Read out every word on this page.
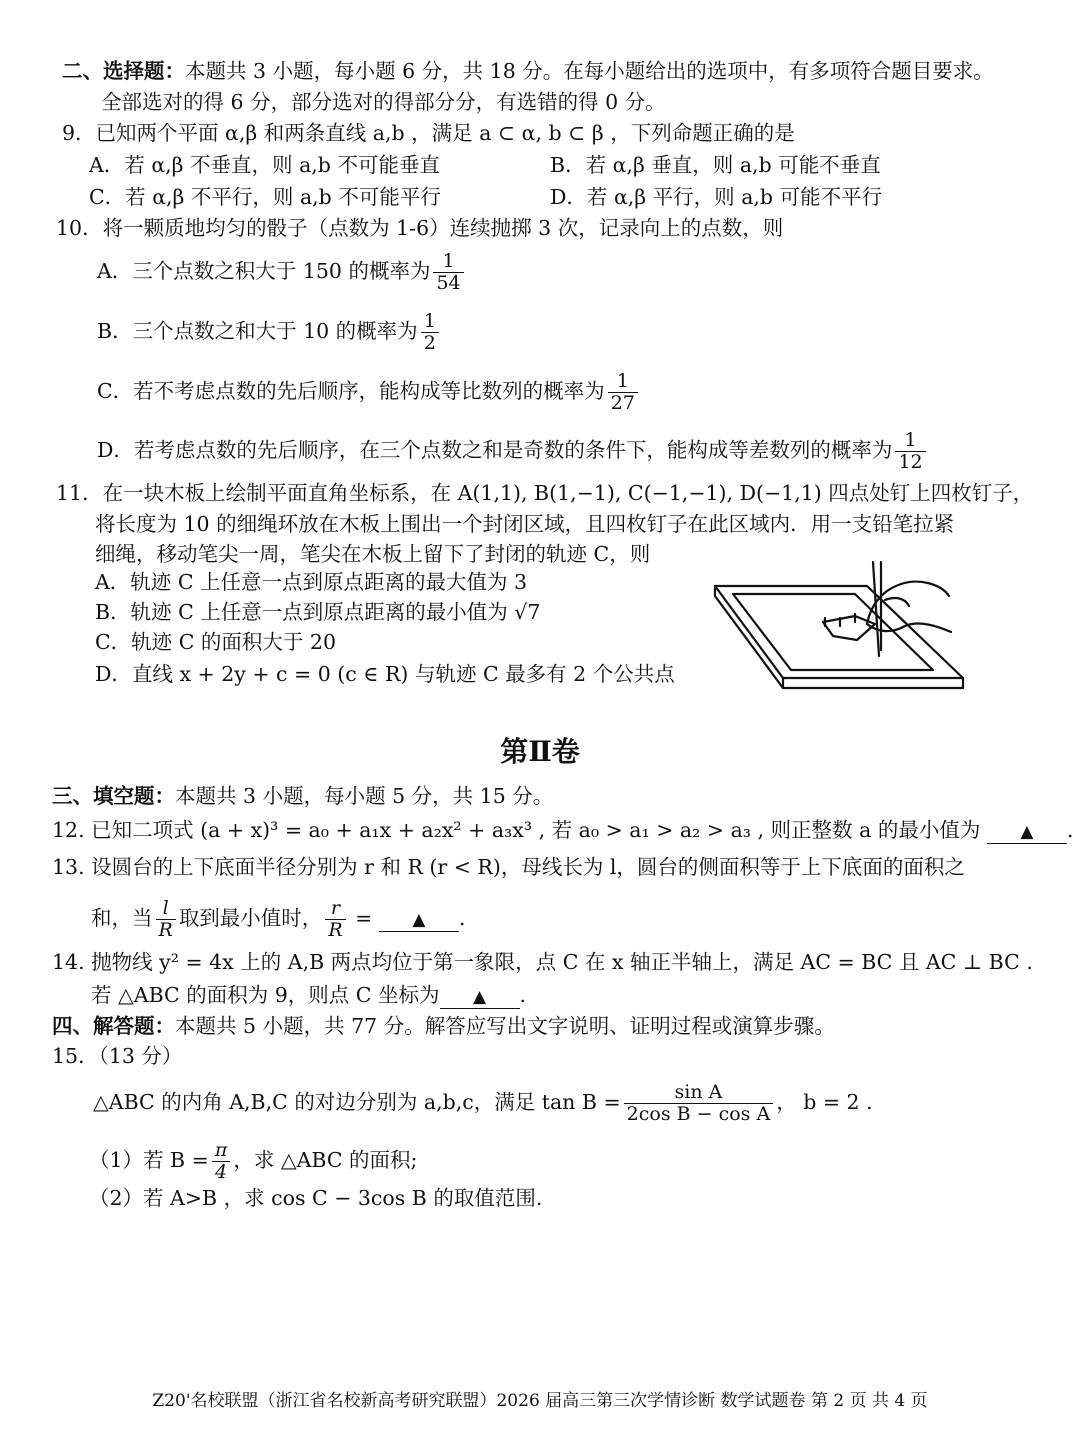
二、选择题：本题共 3 小题，每小题 6 分，共 18 分。在每小题给出的选项中，有多项符合题目要求。
全部选对的得 6 分，部分选对的得部分分，有选错的得 0 分。
9．已知两个平面 α,β 和两条直线 a,b ，满足 a ⊂ α, b ⊂ β ，下列命题正确的是
A．若 α,β 不垂直，则 a,b 不可能垂直	B．若 α,β 垂直，则 a,b 可能不垂直
C．若 α,β 不平行，则 a,b 不可能平行	D．若 α,β 平行，则 a,b 可能不平行
10．将一颗质地均匀的骰子（点数为 1-6）连续抛掷 3 次，记录向上的点数，则
A．三个点数之积大于 150 的概率为 $\frac{1}{54}$
B．三个点数之和大于 10 的概率为 $\frac{1}{2}$
C．若不考虑点数的先后顺序，能构成等比数列的概率为 $\frac{1}{27}$
D．若考虑点数的先后顺序，在三个点数之和是奇数的条件下，能构成等差数列的概率为 $\frac{1}{12}$
11．在一块木板上绘制平面直角坐标系，在 A(1,1), B(1,−1), C(−1,−1), D(−1,1) 四点处钉上四枚钉子，
将长度为 10 的细绳环放在木板上围出一个封闭区域，且四枚钉子在此区域内．用一支铅笔拉紧
细绳，移动笔尖一周，笔尖在木板上留下了封闭的轨迹 C，则
A．轨迹 C 上任意一点到原点距离的最大值为 3
B．轨迹 C 上任意一点到原点距离的最小值为 √7
C．轨迹 C 的面积大于 20
D．直线 x + 2y + c = 0 (c ∈ R) 与轨迹 C 最多有 2 个公共点
第Ⅱ卷
三、填空题：本题共 3 小题，每小题 5 分，共 15 分。
12. 已知二项式 (a + x)³ = a₀ + a₁x + a₂x² + a₃x³ , 若 a₀ > a₁ > a₂ > a₃ , 则正整数 a 的最小值为 ▲ .
13. 设圆台的上下底面半径分别为 r 和 R (r < R)，母线长为 l，圆台的侧面积等于上下底面的面积之
和，当 $\frac{l}{R}$ 取到最小值时， $\frac{r}{R}$ = ▲ .
14. 抛物线 y² = 4x 上的 A,B 两点均位于第一象限，点 C 在 x 轴正半轴上，满足 AC = BC 且 AC ⊥ BC .
若 △ABC 的面积为 9，则点 C 坐标为 ▲ .
四、解答题：本题共 5 小题，共 77 分。解答应写出文字说明、证明过程或演算步骤。
15．（13 分）
△ABC 的内角 A,B,C 的对边分别为 a,b,c，满足 $\tan B = \frac{\text{sin A}}{\text{2cos B − cos A}}$ ， b = 2 .
（1）若 $B = \frac{\pi}{4}$ ，求 △ABC 的面积;
（2）若 A>B ，求 cos C − 3cos B 的取值范围.
Z20'名校联盟（浙江省名校新高考研究联盟）2026 届高三第三次学情诊断 数学试题卷 第 2 页 共 4 页
